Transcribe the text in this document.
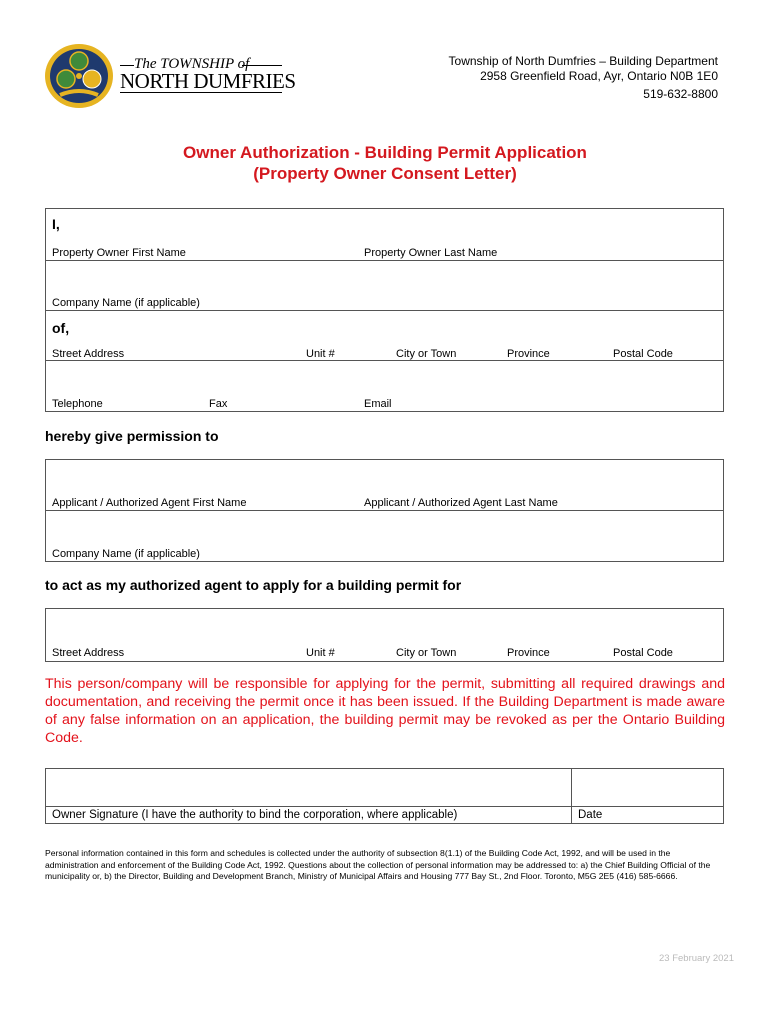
The TOWNSHIP of
NORTH DUMFRIES
Township of North Dumfries – Building Department
2958 Greenfield Road, Ayr, Ontario N0B 1E0
519-632-8800
Owner Authorization - Building Permit Application
(Property Owner Consent Letter)
I,
Property Owner First Name	Property Owner Last Name
Company Name (if applicable)
of,
Street Address	Unit #	City or Town	Province	Postal Code
Telephone	Fax	Email
hereby give permission to
Applicant / Authorized Agent First Name	Applicant / Authorized Agent Last Name
Company Name (if applicable)
to act as my authorized agent to apply for a building permit for
Street Address	Unit #	City or Town	Province	Postal Code
This person/company will be responsible for applying for the permit, submitting all required drawings and documentation, and receiving the permit once it has been issued. If the Building Department is made aware of any false information on an application, the building permit may be revoked as per the Ontario Building Code.
Owner Signature (I have the authority to bind the corporation, where applicable)	Date
Personal information contained in this form and schedules is collected under the authority of subsection 8(1.1) of the Building Code Act, 1992, and will be used in the administration and enforcement of the Building Code Act, 1992. Questions about the collection of personal information may be addressed to: a) the Chief Building Official of the municipality or, b) the Director, Building and Development Branch, Ministry of Municipal Affairs and Housing 777 Bay St., 2nd Floor. Toronto, M5G 2E5 (416) 585-6666.
23 February 2021
